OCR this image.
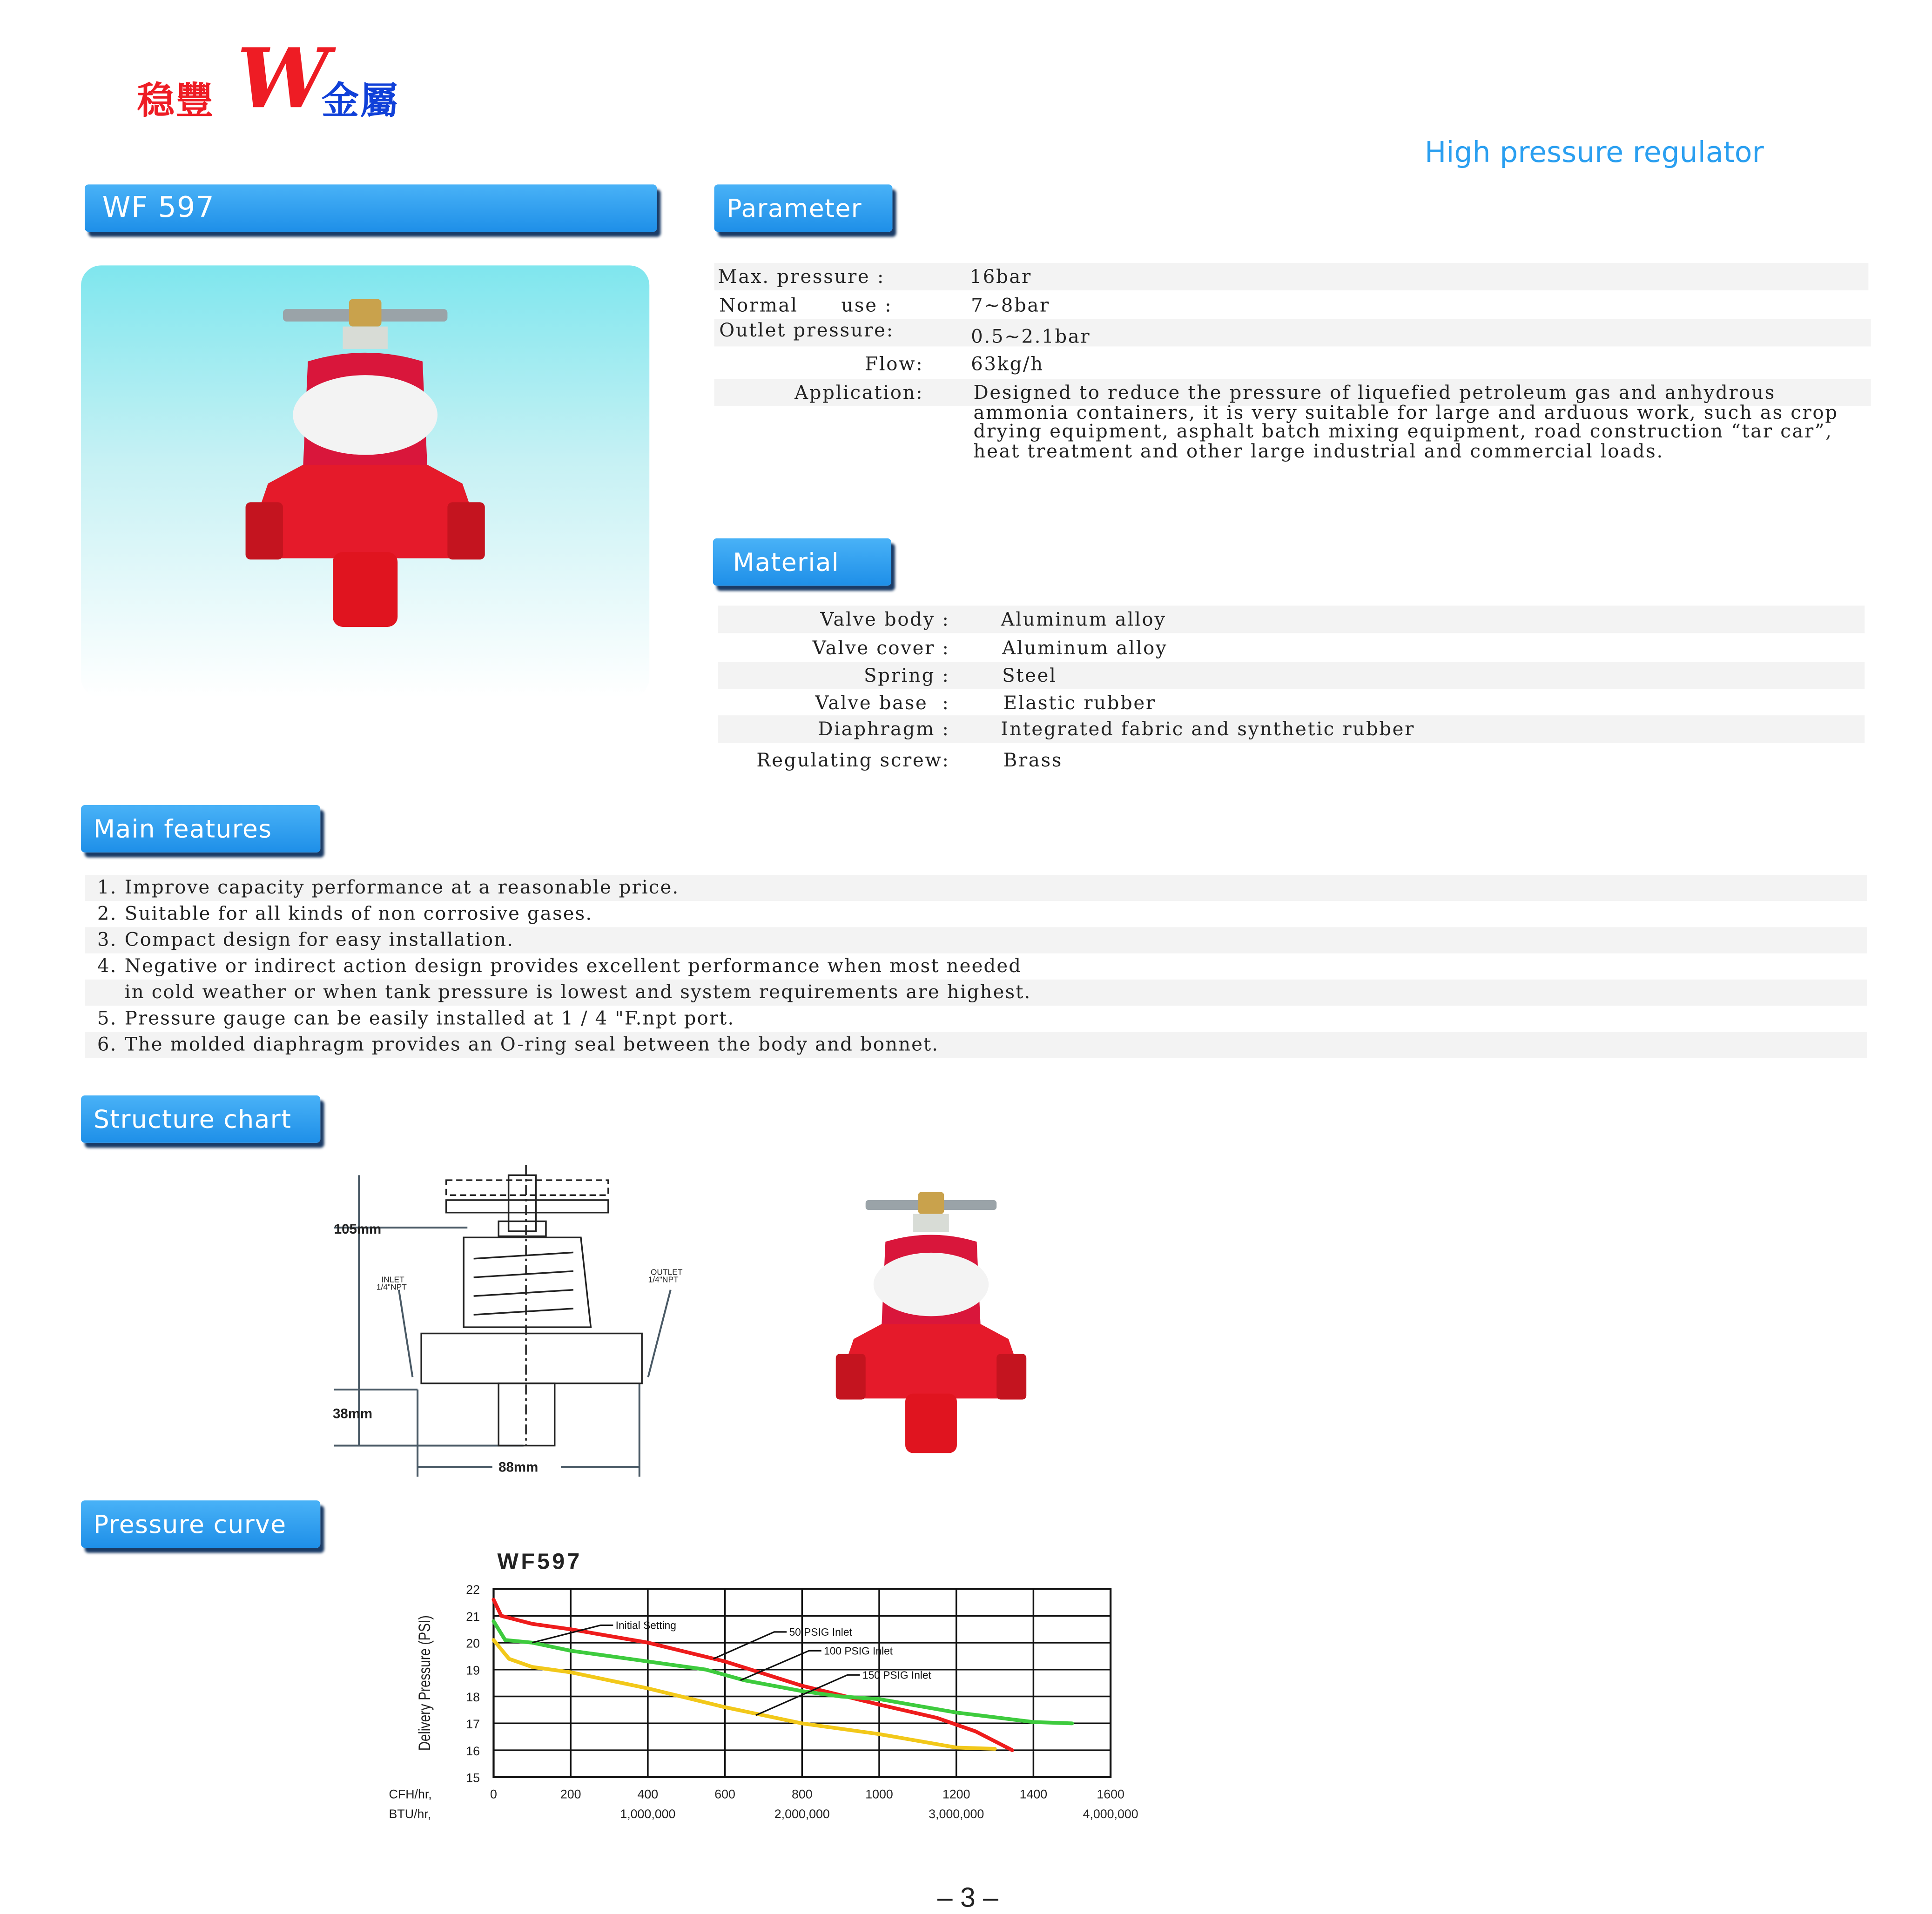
稳豐 W
金屬
High pressure regulator
WF 597	Parameter
Max. pressure :	16bar
Normal      use :	7~8bar
Outlet pressure:	0.5~2.1bar
Flow:	63kg/h
Application:	Designed to reduce the pressure of liquefied petroleum gas and anhydrous ammonia containers, it is very suitable for large and arduous work, such as crop drying equipment, asphalt batch mixing equipment, road construction “tar car”, heat treatment and other large industrial and commercial loads.
Material
Valve body :	Aluminum alloy
Valve cover :	Aluminum alloy
Spring :	Steel
Valve base  :	Elastic rubber
Diaphragm :	Integrated fabric and synthetic rubber
Regulating screw:	Brass
Main features
1. Improve capacity performance at a reasonable price.
2. Suitable for all kinds of non corrosive gases.
3. Compact design for easy installation.
4. Negative or indirect action design provides excellent performance when most needed
in cold weather or when tank pressure is lowest and system requirements are highest.
5. Pressure gauge can be easily installed at 1 / 4 "F.npt port.
6. The molded diaphragm provides an O-ring seal between the body and bonnet.
Structure chart
105mm
38mm
88mm
INLET
1/4"NPT
OUTLET
1/4"NPT
Pressure curve
WF597
0	200	400	600	800	1000	1200	1400	1600
15
16
17
18
19
20
21
22
1,000,000	2,000,000	3,000,000	4,000,000
CFH/hr,
BTU/hr,
Delivery Pressure (PSI)	Initial Setting
50 PSIG Inlet
100 PSIG Inlet
150 PSIG Inlet
– 3 –
